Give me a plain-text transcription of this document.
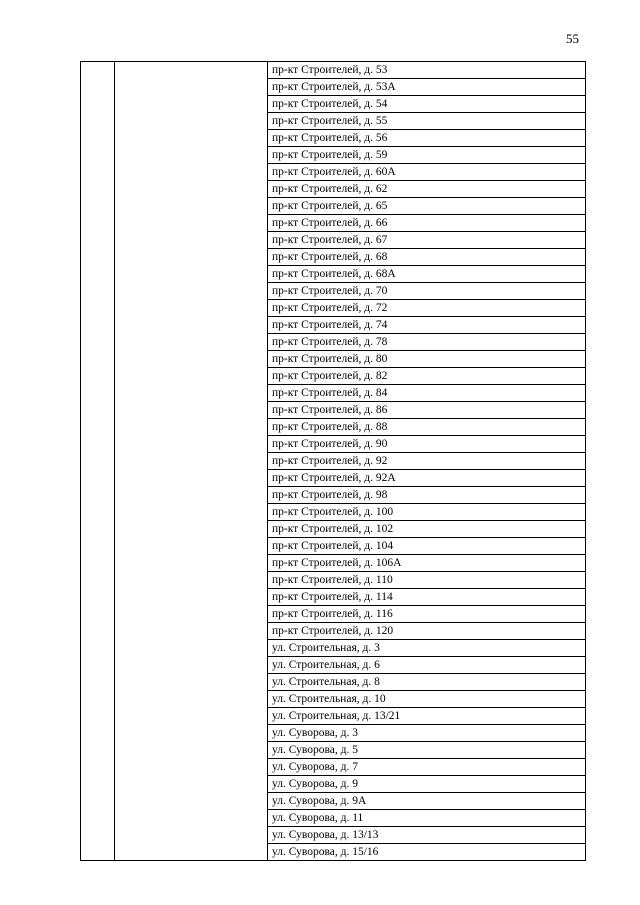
55
		пр-кт Строителей, д. 53
пр-кт Строителей, д. 53А
пр-кт Строителей, д. 54
пр-кт Строителей, д. 55
пр-кт Строителей, д. 56
пр-кт Строителей, д. 59
пр-кт Строителей, д. 60А
пр-кт Строителей, д. 62
пр-кт Строителей, д. 65
пр-кт Строителей, д. 66
пр-кт Строителей, д. 67
пр-кт Строителей, д. 68
пр-кт Строителей, д. 68А
пр-кт Строителей, д. 70
пр-кт Строителей, д. 72
пр-кт Строителей, д. 74
пр-кт Строителей, д. 78
пр-кт Строителей, д. 80
пр-кт Строителей, д. 82
пр-кт Строителей, д. 84
пр-кт Строителей, д. 86
пр-кт Строителей, д. 88
пр-кт Строителей, д. 90
пр-кт Строителей, д. 92
пр-кт Строителей, д. 92А
пр-кт Строителей, д. 98
пр-кт Строителей, д. 100
пр-кт Строителей, д. 102
пр-кт Строителей, д. 104
пр-кт Строителей, д. 106А
пр-кт Строителей, д. 110
пр-кт Строителей, д. 114
пр-кт Строителей, д. 116
пр-кт Строителей, д. 120
ул. Строительная, д. 3
ул. Строительная, д. 6
ул. Строительная, д. 8
ул. Строительная, д. 10
ул. Строительная, д. 13/21
ул. Суворова, д. 3
ул. Суворова, д. 5
ул. Суворова, д. 7
ул. Суворова, д. 9
ул. Суворова, д. 9А
ул. Суворова, д. 11
ул. Суворова, д. 13/13
ул. Суворова, д. 15/16
